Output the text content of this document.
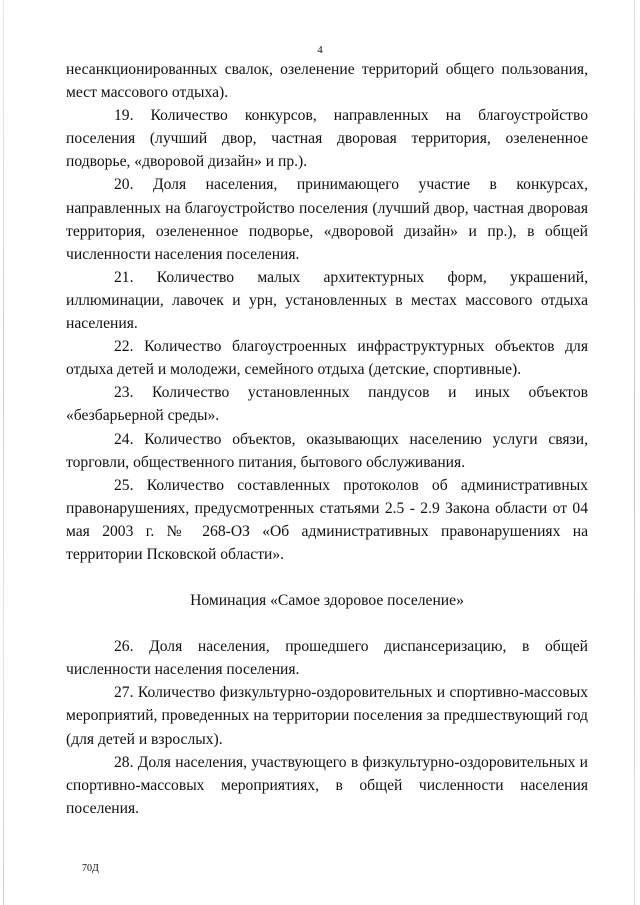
4

несанкционированных свалок, озеленение территорий общего пользования, мест массового отдыха).

19. Количество конкурсов, направленных на благоустройство поселения (лучший двор, частная дворовая территория, озелененное подворье, «дворовой дизайн» и пр.).

20. Доля населения, принимающего участие в конкурсах, направленных на благоустройство поселения (лучший двор, частная дворовая территория, озелененное подворье, «дворовой дизайн» и пр.), в общей численности населения поселения.

21. Количество малых архитектурных форм, украшений, иллюминации, лавочек и урн, установленных в местах массового отдыха населения.

22. Количество благоустроенных инфраструктурных объектов для отдыха детей и молодежи, семейного отдыха (детские, спортивные).

23. Количество установленных пандусов и иных объектов «безбарьерной среды».

24. Количество объектов, оказывающих населению услуги связи, торговли, общественного питания, бытового обслуживания.

25. Количество составленных протоколов об административных правонарушениях, предусмотренных статьями 2.5 - 2.9 Закона области от 04 мая 2003 г. № 268-ОЗ «Об административных правонарушениях на территории Псковской области».

Номинация «Самое здоровое поселение»

26. Доля населения, прошедшего диспансеризацию, в общей численности населения поселения.

27. Количество физкультурно-оздоровительных и спортивно-массовых мероприятий, проведенных на территории поселения за предшествующий год (для детей и взрослых).

28. Доля населения, участвующего в физкультурно-оздоровительных и спортивно-массовых мероприятиях, в общей численности населения поселения.

70Д
